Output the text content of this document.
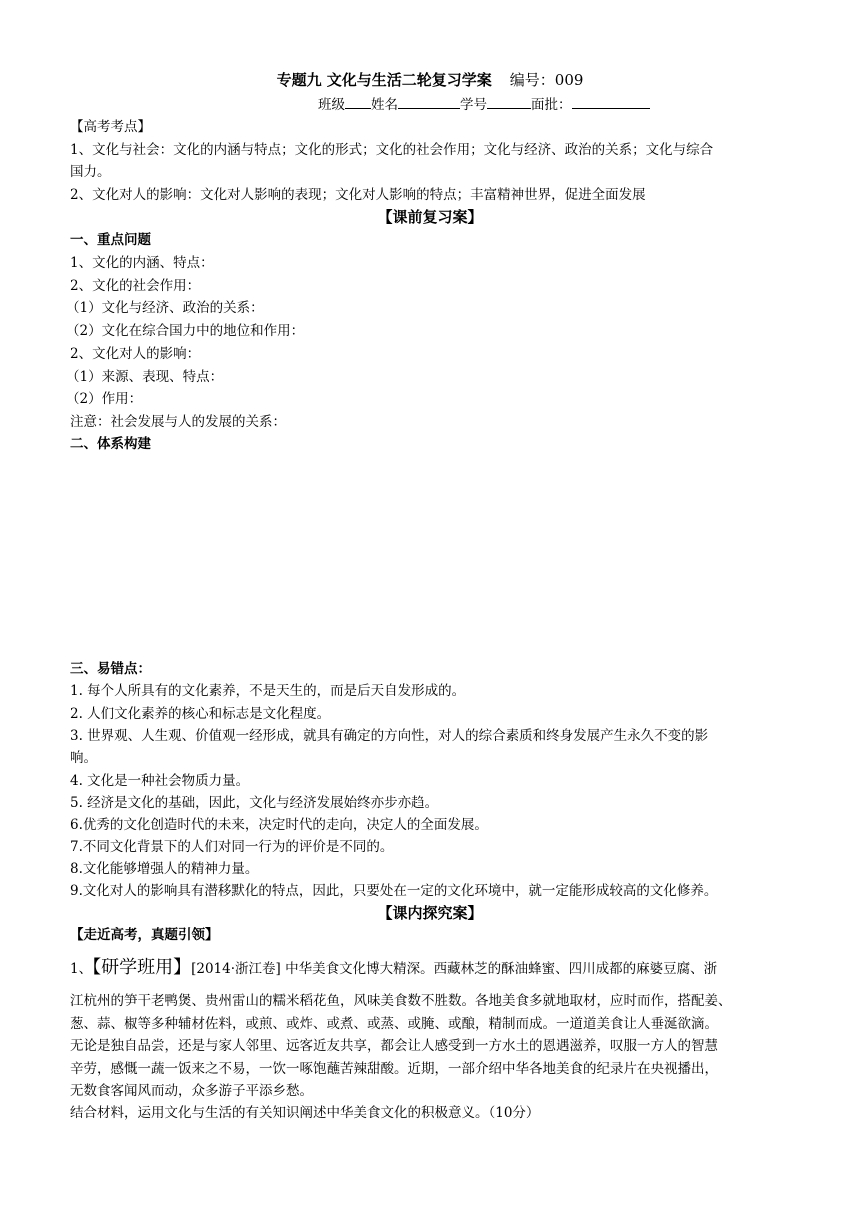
专题九 文化与生活二轮复习学案 编号：009
班级 姓名	学号	面批：
【高考考点】
1、文化与社会：文化的内涵与特点；文化的形式；文化的社会作用；文化与经济、政治的关系；文化与综合
国力。
2、文化对人的影响：文化对人影响的表现；文化对人影响的特点；丰富精神世界，促进全面发展
【课前复习案】
一、重点问题
1、文化的内涵、特点：
2、文化的社会作用：
（1）文化与经济、政治的关系：
（2）文化在综合国力中的地位和作用：
2、文化对人的影响：
（1）来源、表现、特点：
（2）作用：
注意：社会发展与人的发展的关系：
二、体系构建
三、易错点：
1. 每个人所具有的文化素养，不是天生的，而是后天自发形成的。
2. 人们文化素养的核心和标志是文化程度。
3. 世界观、人生观、价值观一经形成，就具有确定的方向性，对人的综合素质和终身发展产生永久不变的影
响。
4. 文化是一种社会物质力量。
5. 经济是文化的基础，因此，文化与经济发展始终亦步亦趋。
6.优秀的文化创造时代的未来，决定时代的走向，决定人的全面发展。
7.不同文化背景下的人们对同一行为的评价是不同的。
8.文化能够增强人的精神力量。
9.文化对人的影响具有潜移默化的特点，因此，只要处在一定的文化环境中，就一定能形成较高的文化修养。
【课内探究案】
【走近高考，真题引领】
1、【研学班用】[2014·浙江卷] 中华美食文化博大精深。西藏林芝的酥油蜂蜜、四川成都的麻婆豆腐、浙
江杭州的笋干老鸭煲、贵州雷山的糯米稻花鱼，风味美食数不胜数。各地美食多就地取材，应时而作，搭配姜、
葱、蒜、椒等多种辅材佐料，或煎、或炸、或煮、或蒸、或腌、或酿，精制而成。一道道美食让人垂涎欲滴。
无论是独自品尝，还是与家人邻里、远客近友共享，都会让人感受到一方水土的恩遇滋养，叹服一方人的智慧
辛劳，感慨一蔬一饭来之不易，一饮一啄饱蘸苦辣甜酸。近期，一部介绍中华各地美食的纪录片在央视播出，
无数食客闻风而动，众多游子平添乡愁。
结合材料，运用文化与生活的有关知识阐述中华美食文化的积极意义。（10分）
